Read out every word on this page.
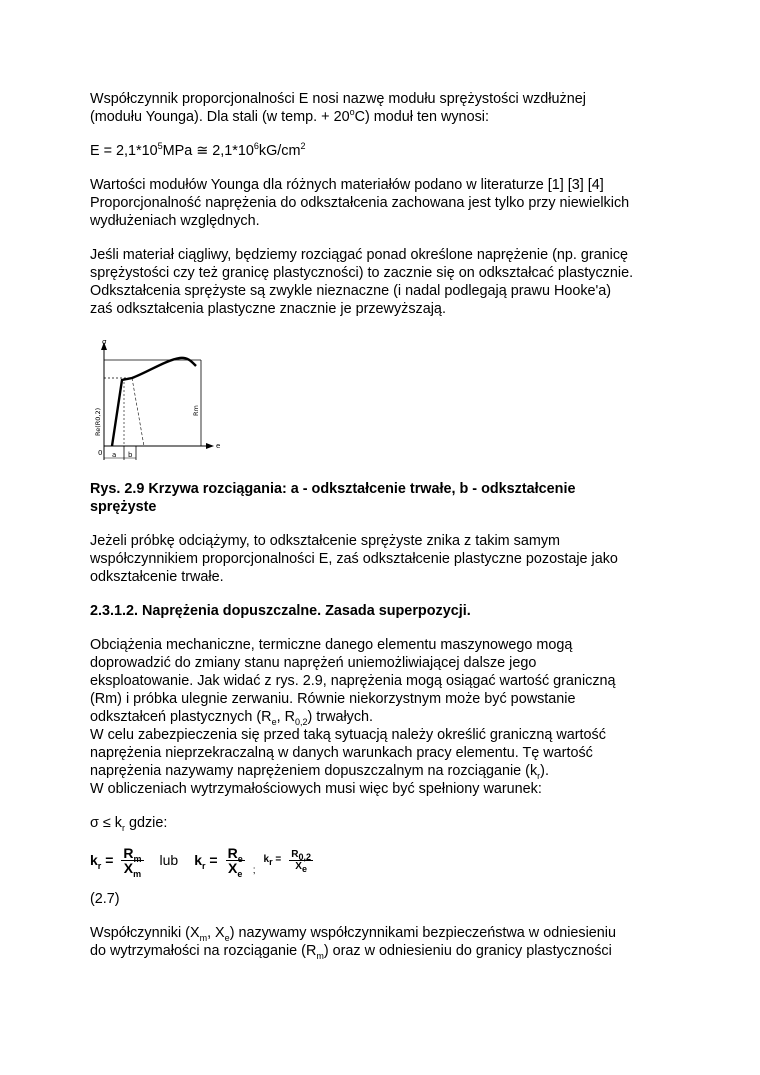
Współczynnik proporcjonalności E nosi nazwę modułu sprężystości wzdłużnej
(modułu Younga). Dla stali (w temp. + $20^oC$) moduł ten wynosi:

$E = 2,1*10^5MPa$ ≅ $2,1*10^6kG/cm^2$

Wartości modułów Younga dla różnych materiałów podano w literaturze [1] [3] [4]
Proporcjonalność naprężenia do odkształcenia zachowana jest tylko przy niewielkich
wydłużeniach względnych.

Jeśli materiał ciągliwy, będziemy rozciągać ponad określone naprężenie (np. granicę
sprężystości czy też granicę plastyczności) to zacznie się on odkształcać plastycznie.
Odkształcenia sprężyste są zwykle nieznaczne (i nadal podlegają prawu Hooke'a)
zaś odkształcenia plastyczne znacznie je przewyższają.

σ
e
0 a b
Re(R0,2)	Rm

Rys. 2.9 Krzywa rozciągania: a - odkształcenie trwałe, b - odkształcenie
sprężyste

Jeżeli próbkę odciążymy, to odkształcenie sprężyste znika z takim samym
współczynnikiem proporcjonalności E, zaś odkształcenie plastyczne pozostaje jako
odkształcenie trwałe.

2.3.1.2. Naprężenia dopuszczalne. Zasada superpozycji.

Obciążenia mechaniczne, termiczne danego elementu maszynowego mogą
doprowadzić do zmiany stanu naprężeń uniemożliwiającej dalsze jego
eksploatowanie. Jak widać z rys. 2.9, naprężenia mogą osiągać wartość graniczną
(Rm) i próbka ulegnie zerwaniu. Równie niekorzystnym może być powstanie
odkształceń plastycznych ($R_e$, $R_{0,2}$) trwałych.
W celu zabezpieczenia się przed taką sytuacją należy określić graniczną wartość
naprężenia nieprzekraczalną w danych warunkach pracy elementu. Tę wartość
naprężenia nazywamy naprężeniem dopuszczalnym na rozciąganie $(k_r)$.
W obliczeniach wytrzymałościowych musi więc być spełniony warunek:

$\sigma \le k_r$ gdzie:

$k_r = \frac{R_m}{X_m}$ lub $k_r = \frac{R_e}{X_e}$ ;
$k_r = \frac{R_{0,2}}{X_e}$

(2.7)

Współczynniki ($X_m$, $X_e$) nazywamy współczynnikami bezpieczeństwa w odniesieniu
do wytrzymałości na rozciąganie $(R_m)$ oraz w odniesieniu do granicy plastyczności
